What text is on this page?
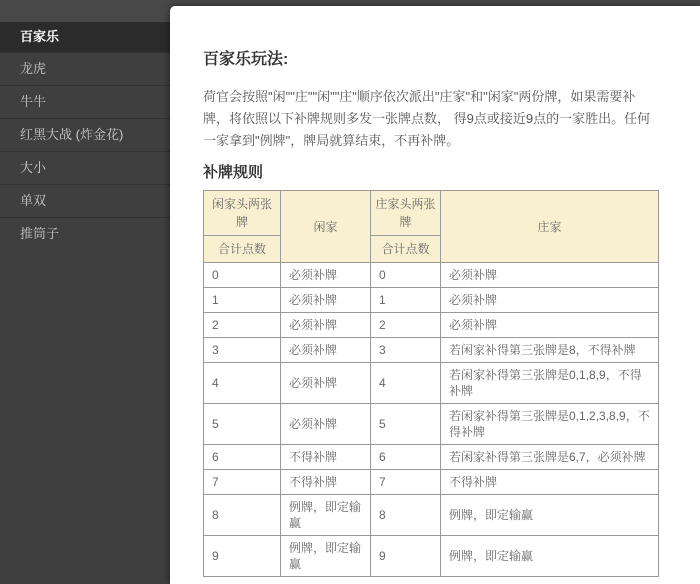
百家乐
龙虎
牛牛
红黑大战 (炸金花)
大小
单双
推筒子
百家乐玩法:

荷官会按照"闲""庄""闲""庄"顺序依次派出"庄家"和"闲家"两份牌，如果需要补牌，将依照以下补牌规则多发一张牌点数， 得9点或接近9点的一家胜出。任何一家拿到"例牌"，牌局就算结束，不再补牌。

补牌规则
闲家头两张牌	闲家	庄家头两张牌	庄家
合计点数		合计点数	
0	必须补牌	0	必须补牌
1	必须补牌	1	必须补牌
2	必须补牌	2	必须补牌
3	必须补牌	3	若闲家补得第三张牌是8，不得补牌
4	必须补牌	4	若闲家补得第三张牌是0,1,8,9，不得补牌
5	必须补牌	5	若闲家补得第三张牌是0,1,2,3,8,9，不得补牌
6	不得补牌	6	若闲家补得第三张牌是6,7，必须补牌
7	不得补牌	7	不得补牌
8	例牌，即定输赢	8	例牌，即定输赢
9	例牌，即定输赢	9	例牌，即定输赢
